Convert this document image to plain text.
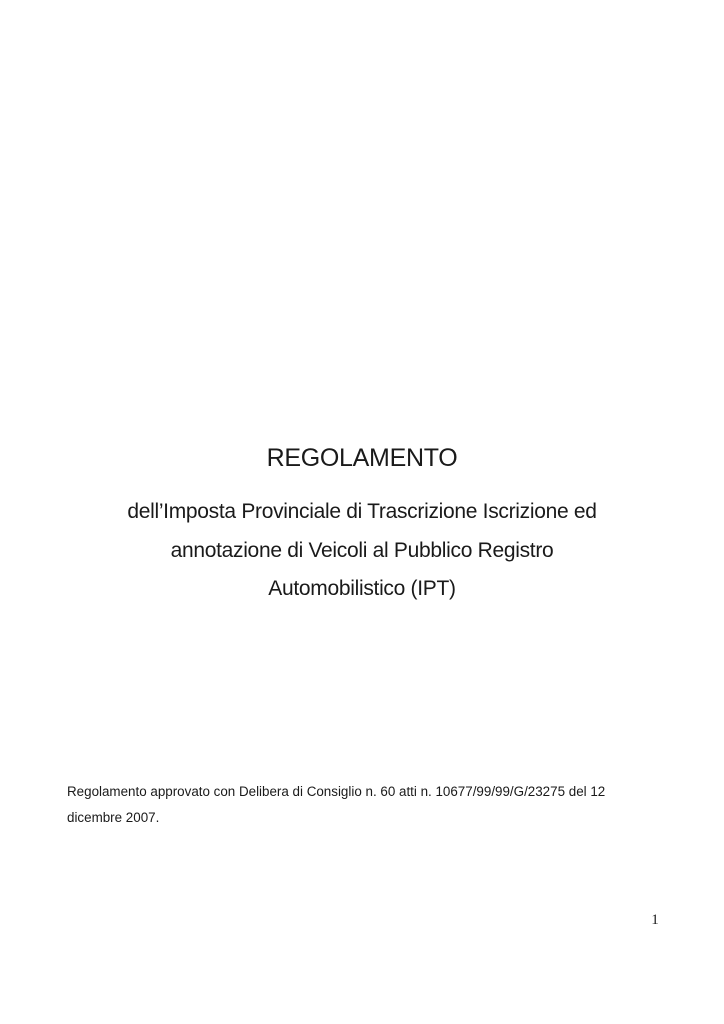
REGOLAMENTO
dell’Imposta Provinciale di Trascrizione Iscrizione ed
annotazione di Veicoli al Pubblico Registro
Automobilistico (IPT)
Regolamento approvato con Delibera di Consiglio n. 60 atti n. 10677/99/99/G/23275 del 12
dicembre 2007.
1
